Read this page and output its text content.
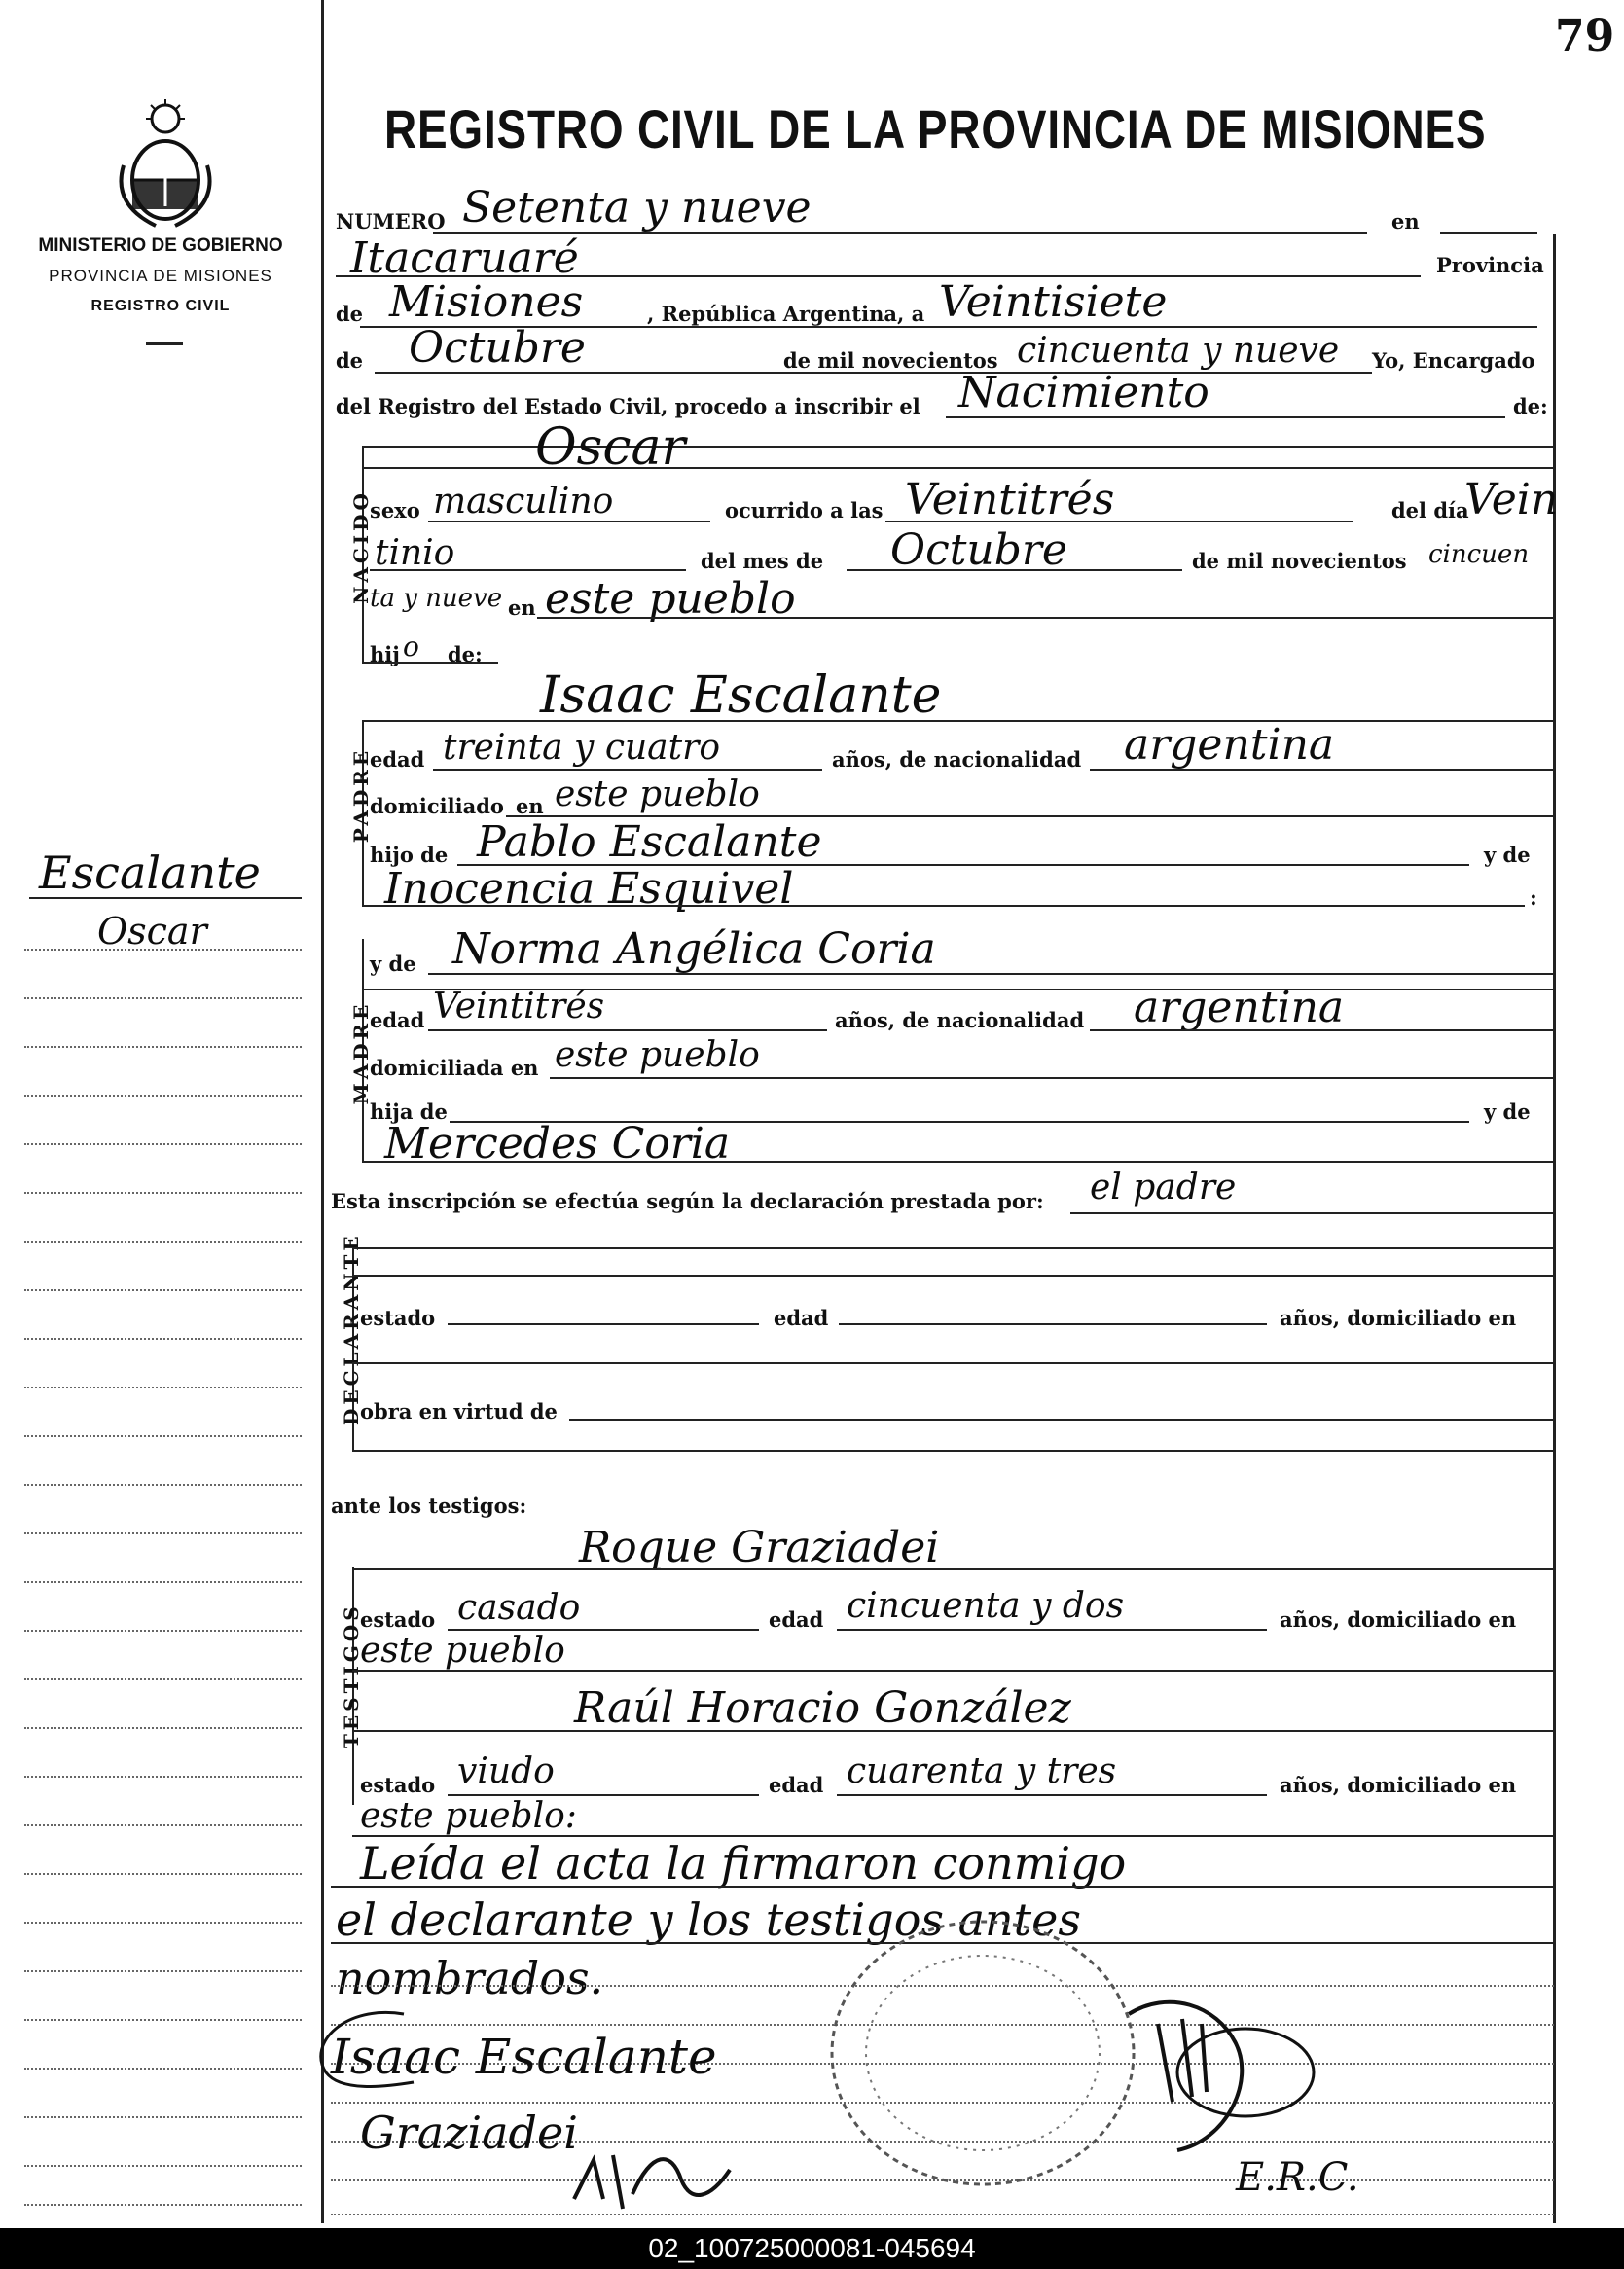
79
MINISTERIO DE GOBIERNO
PROVINCIA DE MISIONES
REGISTRO CIVIL
REGISTRO CIVIL DE LA PROVINCIA DE MISIONES
Escalante
Oscar
NUMERO Setenta y nueve	en
Itacaruaré	Provincia
de Misiones	, República Argentina, a Veintisiete
de Octubre	de mil novecientos cincuenta y nueve Yo, Encargado
del Registro del Estado Civil, procedo a inscribir el Nacimiento	de:
NACIDO
Oscar
sexo masculino	ocurrido a las Veintitrés	del día
Vein
tinio	del mes de Octubre	de mil novecientos cincuen
ta y nueve en este pueblo
hij o de:
PADRE
Isaac Escalante
edad treinta y cuatro	años, de nacionalidad argentina
domiciliado en este pueblo
hijo de Pablo Escalante	y de
Inocencia Esquivel	:
MADRE
y de Norma Angélica Coria
edad Veintitrés	años, de nacionalidad argentina
domiciliada en este pueblo
hija de	y de
Mercedes Coria
Esta inscripción se efectúa según la declaración prestada por: el padre
DECLARANTE
estado	edad	años, domiciliado en
obra en virtud de
ante los testigos:
TESTIGOS
Roque Graziadei
estado casado	edad cincuenta y dos	años, domiciliado en
este pueblo
Raúl Horacio González
estado viudo	edad cuarenta y tres	años, domiciliado en
este pueblo:
Leída el acta la firmaron conmigo
el declarante y los testigos antes
nombrados.
Isaac Escalante
Graziadei
E.R.C.
02_100725000081-045694
